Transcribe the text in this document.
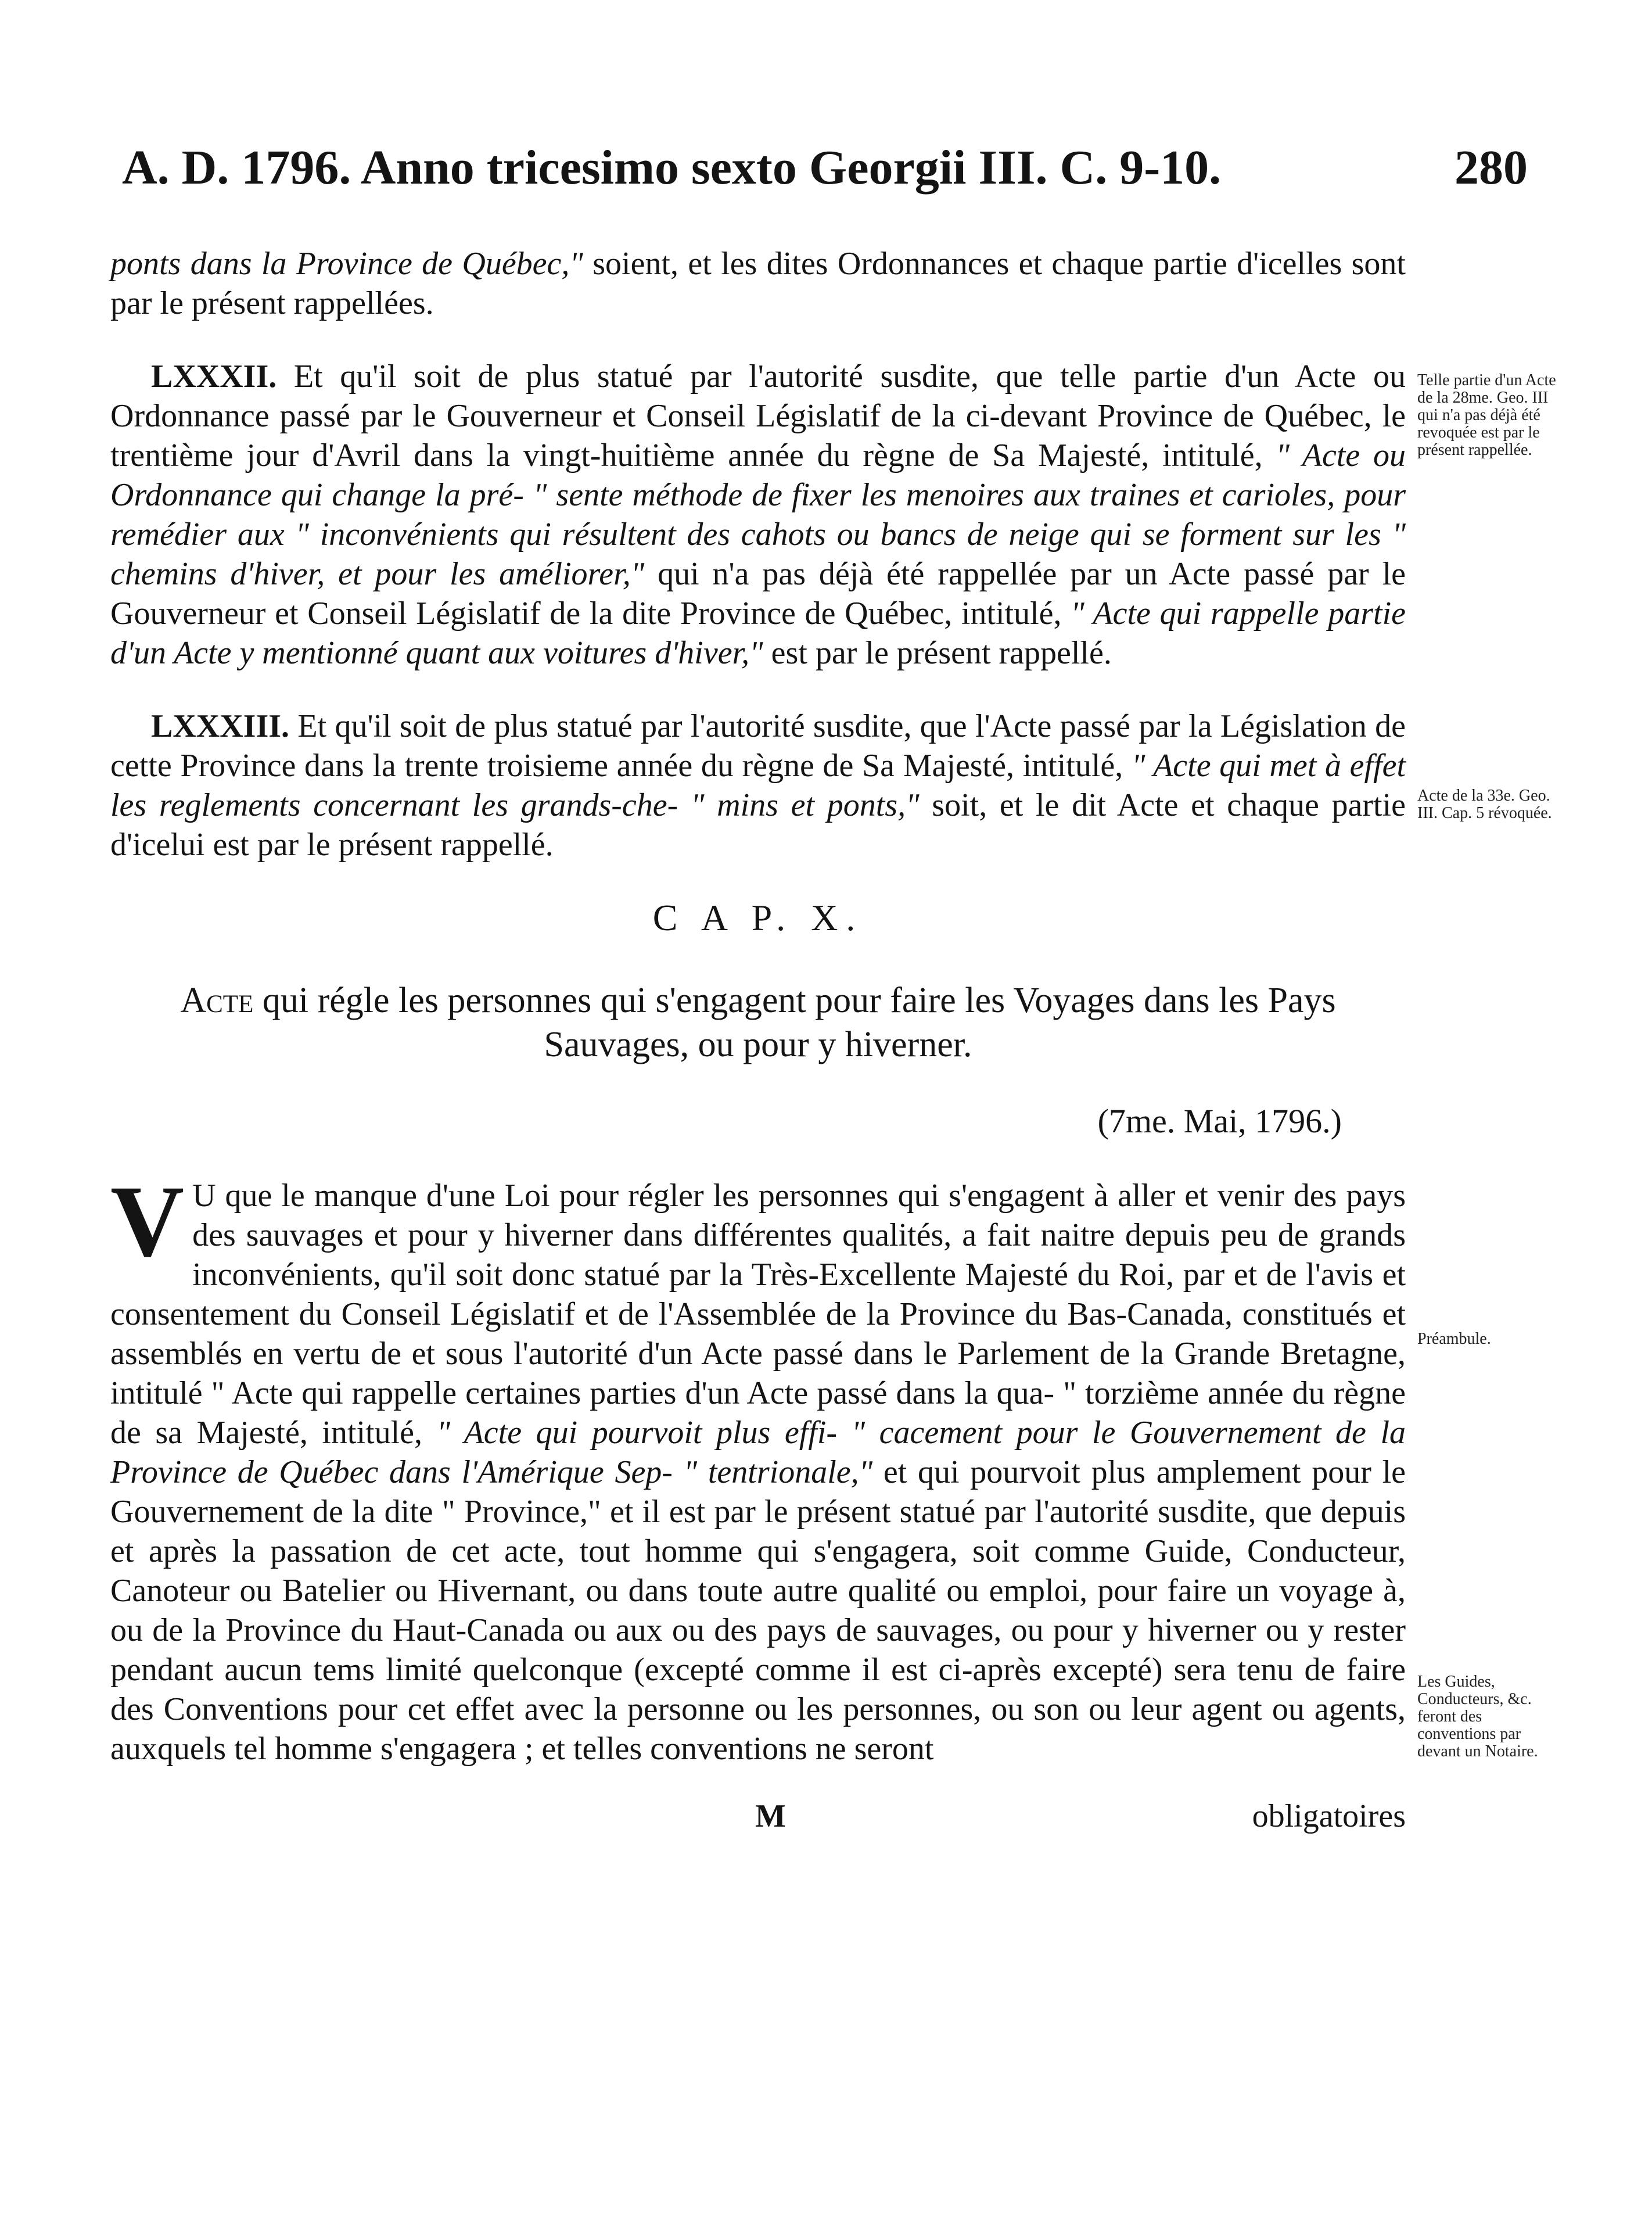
A. D. 1796. Anno tricesimo sexto Georgii III. C. 9-10.	280

ponts dans la Province de Québec," soient, et les dites Ordonnances et chaque partie d'icelles sont par le présent rappellées.

LXXXII. Et qu'il soit de plus statué par l'autorité susdite, que telle partie d'un Acte ou Ordonnance passé par le Gouverneur et Conseil Législatif de la ci-devant Province de Québec, le trentième jour d'Avril dans la vingt-huitième année du règne de Sa Majesté, intitulé, " Acte ou Ordonnance qui change la pré- " sente méthode de fixer les menoires aux traines et carioles, pour remédier aux " inconvénients qui résultent des cahots ou bancs de neige qui se forment sur les " chemins d'hiver, et pour les améliorer," qui n'a pas déjà été rappellée par un Acte passé par le Gouverneur et Conseil Législatif de la dite Province de Québec, intitulé, " Acte qui rappelle partie d'un Acte y mentionné quant aux voitures d'hiver," est par le présent rappellé.

LXXXIII. Et qu'il soit de plus statué par l'autorité susdite, que l'Acte passé par la Législation de cette Province dans la trente troisieme année du règne de Sa Majesté, intitulé, " Acte qui met à effet les reglements concernant les grands-che- " mins et ponts," soit, et le dit Acte et chaque partie d'icelui est par le présent rappellé.

C A P. X.
Acte qui régle les personnes qui s'engagent pour faire les Voyages dans les Pays Sauvages, ou pour y hiverner.
(7me. Mai, 1796.)

V U que le manque d'une Loi pour régler les personnes qui s'engagent à aller et venir des pays des sauvages et pour y hiverner dans différentes qualités, a fait naitre depuis peu de grands inconvénients, qu'il soit donc statué par la Très-Excellente Majesté du Roi, par et de l'avis et consentement du Conseil Législatif et de l'Assemblée de la Province du Bas-Canada, constitués et assemblés en vertu de et sous l'autorité d'un Acte passé dans le Parlement de la Grande Bretagne, intitulé " Acte qui rappelle certaines parties d'un Acte passé dans la qua- " torzième année du règne de sa Majesté, intitulé, " Acte qui pourvoit plus effi- " cacement pour le Gouvernement de la Province de Québec dans l'Amérique Sep- " tentrionale," et qui pourvoit plus amplement pour le Gouvernement de la dite " Province," et il est par le présent statué par l'autorité susdite, que depuis et après la passation de cet acte, tout homme qui s'engagera, soit comme Guide, Conducteur, Canoteur ou Batelier ou Hivernant, ou dans toute autre qualité ou emploi, pour faire un voyage à, ou de la Province du Haut-Canada ou aux ou des pays de sauvages, ou pour y hiverner ou y rester pendant aucun tems limité quelconque (excepté comme il est ci-après excepté) sera tenu de faire des Conventions pour cet effet avec la personne ou les personnes, ou son ou leur agent ou agents, auxquels tel homme s'engagera ; et telles conventions ne seront

M	obligatoires
Telle partie d'un Acte de la 28me. Geo. III qui n'a pas déjà été revoquée est par le présent rappellée.
Acte de la 33e. Geo. III. Cap. 5 révoquée.
Préambule.
Les Guides, Conducteurs, &c. feront des conventions par devant un Notaire.
